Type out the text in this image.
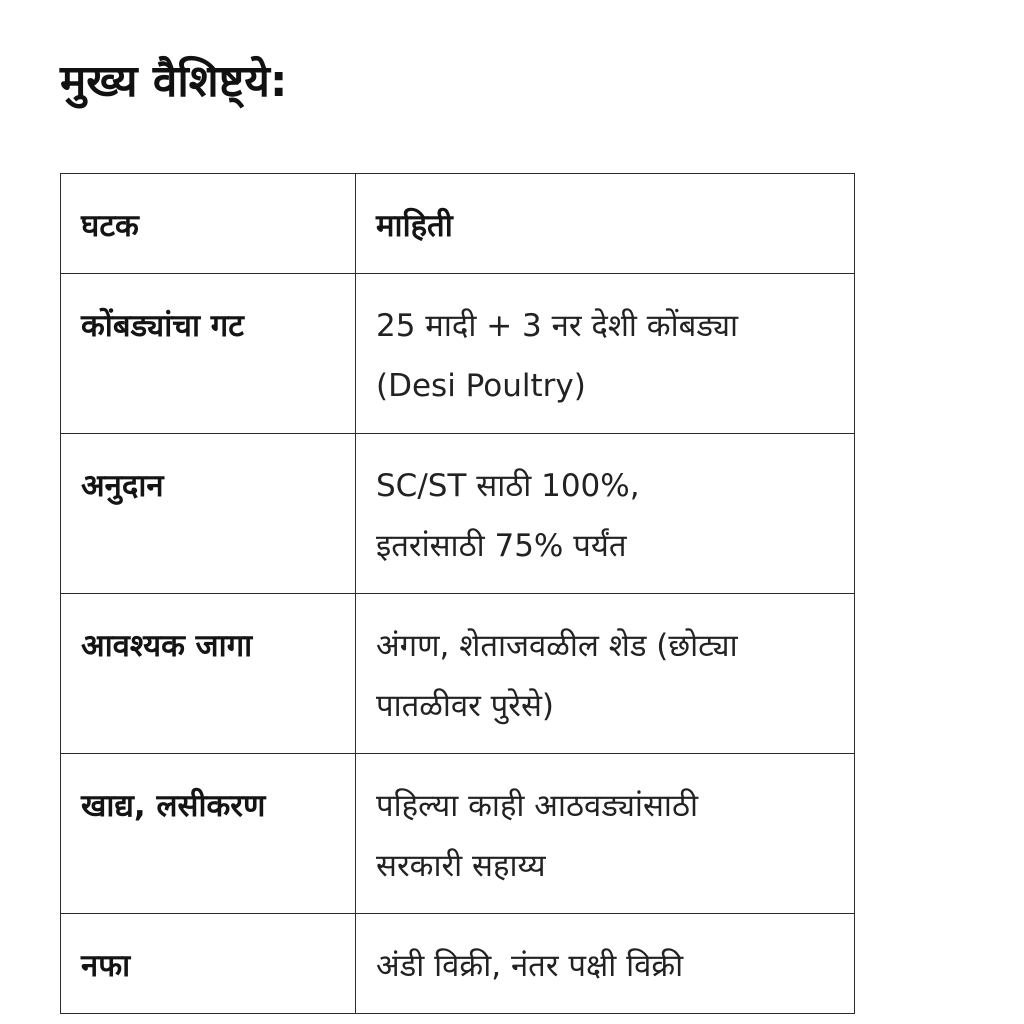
मुख्य वैशिष्ट्ये:
घटक	माहिती
कोंबड्यांचा गट	25 मादी + 3 नर देशी कोंबड्या
(Desi Poultry)

अनुदान	SC/ST साठी 100%,
इतरांसाठी 75% पर्यंत

आवश्यक जागा	अंगण, शेताजवळील शेड (छोट्या
पातळीवर पुरेसे)

खाद्य, लसीकरण	पहिल्या काही आठवड्यांसाठी
सरकारी सहाय्य

नफा	अंडी विक्री, नंतर पक्षी विक्री
